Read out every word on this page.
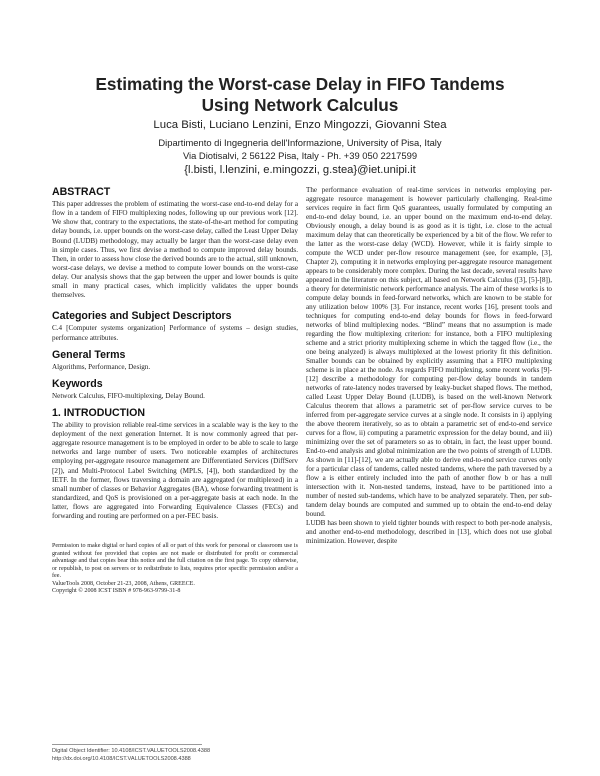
Estimating the Worst-case Delay in FIFO Tandems
Using Network Calculus
Luca Bisti, Luciano Lenzini, Enzo Mingozzi, Giovanni Stea
Dipartimento di Ingegneria dell'Informazione, University of Pisa, Italy
Via Diotisalvi, 2 56122 Pisa, Italy - Ph. +39 050 2217599
{l.bisti, l.lenzini, e.mingozzi, g.stea}@iet.unipi.it
ABSTRACT

This paper addresses the problem of estimating the worst-case end-to-end delay for a flow in a tandem of FIFO multiplexing nodes, following up our previous work [12]. We show that, contrary to the expectations, the state-of-the-art method for computing delay bounds, i.e. upper bounds on the worst-case delay, called the Least Upper Delay Bound (LUDB) methodology, may actually be larger than the worst-case delay even in simple cases. Thus, we first devise a method to compute improved delay bounds. Then, in order to assess how close the derived bounds are to the actual, still unknown, worst-case delays, we devise a method to compute lower bounds on the worst-case delay. Our analysis shows that the gap between the upper and lower bounds is quite small in many practical cases, which implicitly validates the upper bounds themselves.

Categories and Subject Descriptors

C.4 [Computer systems organization] Performance of systems – design studies, performance attributes.

General Terms

Algorithms, Performance, Design.

Keywords

Network Calculus, FIFO-multiplexing, Delay Bound.

1. INTRODUCTION

The ability to provision reliable real-time services in a scalable way is the key to the deployment of the next generation Internet. It is now commonly agreed that per-aggregate resource management is to be employed in order to be able to scale to large networks and large number of users. Two noticeable examples of architectures employing per-aggregate resource management are Differentiated Services (DiffServ [2]), and Multi-Protocol Label Switching (MPLS, [4]), both standardized by the IETF. In the former, flows traversing a domain are aggregated (or multiplexed) in a small number of classes or Behavior Aggregates (BA), whose forwarding treatment is standardized, and QoS is provisioned on a per-aggregate basis at each node. In the latter, flows are aggregated into Forwarding Equivalence Classes (FECs) and forwarding and routing are performed on a per-FEC basis.

Permission to make digital or hard copies of all or part of this work for personal or classroom use is granted without fee provided that copies are not made or distributed for profit or commercial advantage and that copies bear this notice and the full citation on the first page. To copy otherwise, or republish, to post on servers or to redistribute to lists, requires prior specific permission and/or a fee.

ValueTools 2008, October 21-23, 2008, Athens, GREECE.

Copyright © 2008 ICST ISBN # 978-963-9799-31-8

The performance evaluation of real-time services in networks employing per-aggregate resource management is however particularly challenging. Real-time services require in fact firm QoS guarantees, usually formulated by computing an end-to-end delay bound, i.e. an upper bound on the maximum end-to-end delay. Obviously enough, a delay bound is as good as it is tight, i.e. close to the actual maximum delay that can theoretically be experienced by a bit of the flow. We refer to the latter as the worst-case delay (WCD). However, while it is fairly simple to compute the WCD under per-flow resource management (see, for example, [3], Chapter 2), computing it in networks employing per-aggregate resource management appears to be considerably more complex. During the last decade, several results have appeared in the literature on this subject, all based on Network Calculus ([3], [5]-[8]), a theory for deterministic network performance analysis. The aim of these works is to compute delay bounds in feed-forward networks, which are known to be stable for any utilization below 100% [3]. For instance, recent works [16], present tools and techniques for computing end-to-end delay bounds for flows in feed-forward networks of blind multiplexing nodes. “Blind” means that no assumption is made regarding the flow multiplexing criterion: for instance, both a FIFO multiplexing scheme and a strict priority multiplexing scheme in which the tagged flow (i.e., the one being analyzed) is always multiplexed at the lowest priority fit this definition. Smaller bounds can be obtained by explicitly assuming that a FIFO multiplexing scheme is in place at the node. As regards FIFO multiplexing, some recent works [9]-[12] describe a methodology for computing per-flow delay bounds in tandem networks of rate-latency nodes traversed by leaky-bucket shaped flows. The method, called Least Upper Delay Bound (LUDB), is based on the well-known Network Calculus theorem that allows a parametric set of per-flow service curves to be inferred from per-aggregate service curves at a single node. It consists in i) applying the above theorem iteratively, so as to obtain a parametric set of end-to-end service curves for a flow, ii) computing a parametric expression for the delay bound, and iii) minimizing over the set of parameters so as to obtain, in fact, the least upper bound. End-to-end analysis and global minimization are the two points of strength of LUDB. As shown in [11]-[12], we are actually able to derive end-to-end service curves only for a particular class of tandems, called nested tandems, where the path traversed by a flow a is either entirely included into the path of another flow b or has a null intersection with it. Non-nested tandems, instead, have to be partitioned into a number of nested sub-tandems, which have to be analyzed separately. Then, per sub-tandem delay bounds are computed and summed up to obtain the end-to-end delay bound.

LUDB has been shown to yield tighter bounds with respect to both per-node analysis, and another end-to-end methodology, described in [13], which does not use global minimization. However, despite

Digital Object Identifier: 10.4108/ICST.VALUETOOLS2008.4388
http://dx.doi.org/10.4108/ICST.VALUETOOLS2008.4388
